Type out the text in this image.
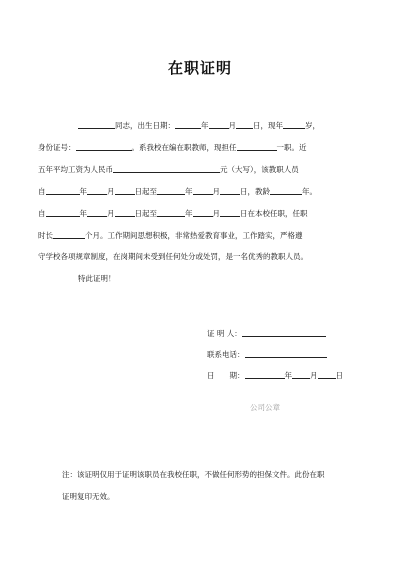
在职证明
同志，出生日期：	年	月 日，现年	岁，
身份证号：	。系我校在编在职教师，现担任	一职。近
五年平均工资为人民币	元（大写），该教职人员
自	年	月	日起至	年	月	日，教龄	年。
自	年	月	日起至	年	月	日在本校任职，任职
时长	个月。工作期间思想积极，非常热爱教育事业，工作踏实，严格遵
守学校各项规章制度，在岗期间未受到任何处分或处罚，是一名优秀的教职人员。
特此证明！
证 明 人：
联系电话：
日　　期：	年 月 日
公司公章
注：该证明仅用于证明该职员在我校任职，不做任何形势的担保文件。此份在职
证明复印无效。
